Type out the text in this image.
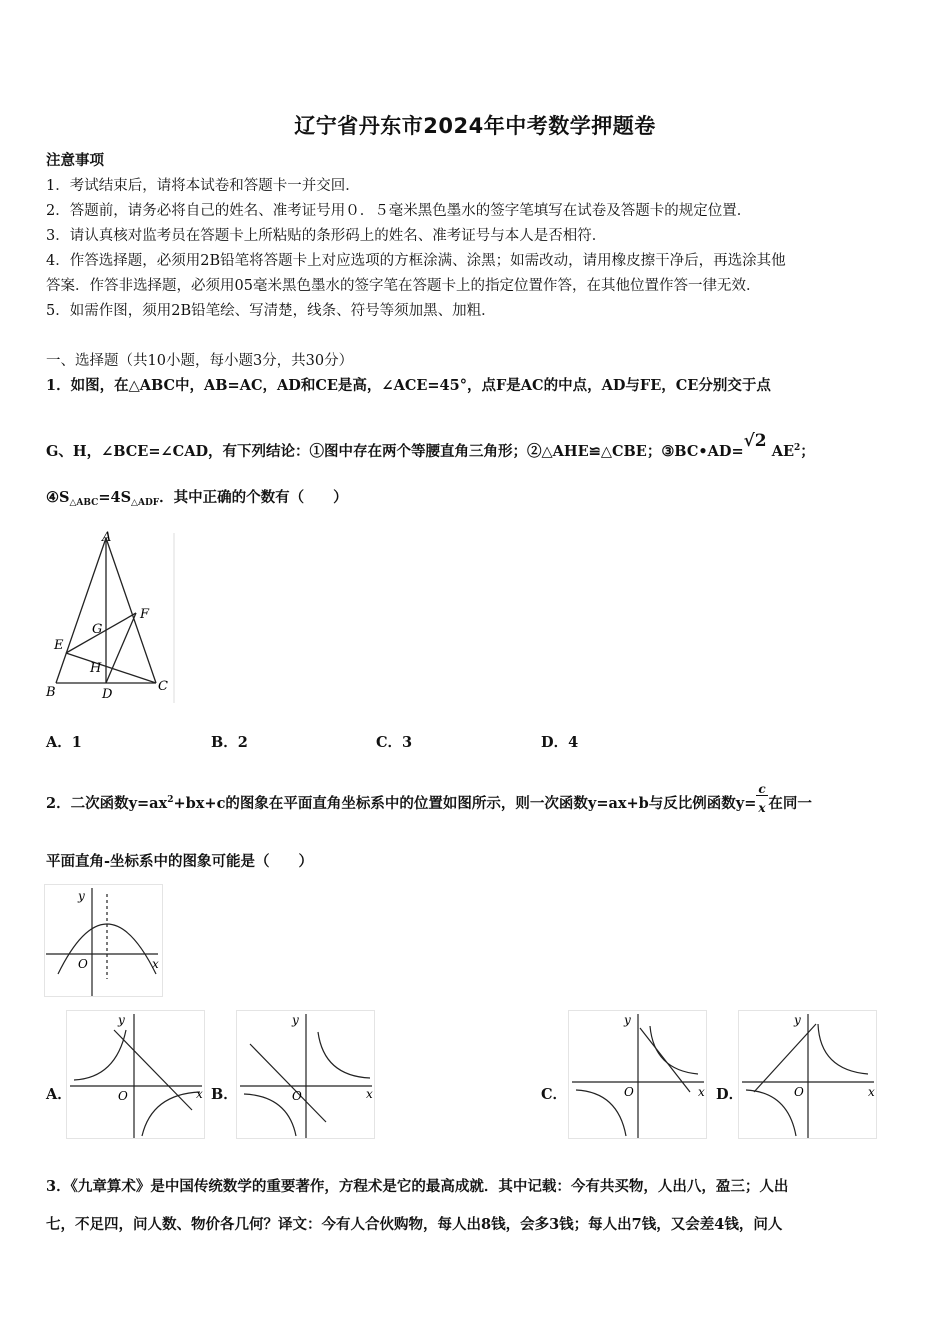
辽宁省丹东市2024年中考数学押题卷
注意事项
1．考试结束后，请将本试卷和答题卡一并交回．
2．答题前，请务必将自己的姓名、准考证号用０．５毫米黑色墨水的签字笔填写在试卷及答题卡的规定位置．
3．请认真核对监考员在答题卡上所粘贴的条形码上的姓名、准考证号与本人是否相符．
4．作答选择题，必须用2B铅笔将答题卡上对应选项的方框涂满、涂黑；如需改动，请用橡皮擦干净后，再选涂其他
答案．作答非选择题，必须用05毫米黑色墨水的签字笔在答题卡上的指定位置作答，在其他位置作答一律无效．
5．如需作图，须用2B铅笔绘、写清楚，线条、符号等须加黑、加粗．
一、选择题（共10小题，每小题3分，共30分）
1．如图，在△ABC中，AB=AC，AD和CE是高，∠ACE=45°，点F是AC的中点，AD与FE，CE分别交于点
G、H，∠BCE=∠CAD，有下列结论：①图中存在两个等腰直角三角形；②△AHE≌△CBE；③BC•AD=√2 $AE^2$；
$④S_{\triangle ABC}=4S_{\triangle ADF}$．其中正确的个数有（　　）
A
F
G
E
H
B	D
C
A．1	B．2	C．3	D．4
2．二次函数$y=ax^2+bx+c$的图象在平面直角坐标系中的位置如图所示，则一次函数y=ax+b与反比例函数$y= \frac{c}{x}$ 在同一
平面直角-坐标系中的图象可能是（　　）
y
x
O
A．
y
x
O	B．
y
x
O	C．
y
x
O	D．
y
x
O
3．《九章算术》是中国传统数学的重要著作，方程术是它的最高成就．其中记载：今有共买物，人出八，盈三；人出
七，不足四，问人数、物价各几何？译文：今有人合伙购物，每人出8钱，会多3钱；每人出7钱，又会差4钱，问人
